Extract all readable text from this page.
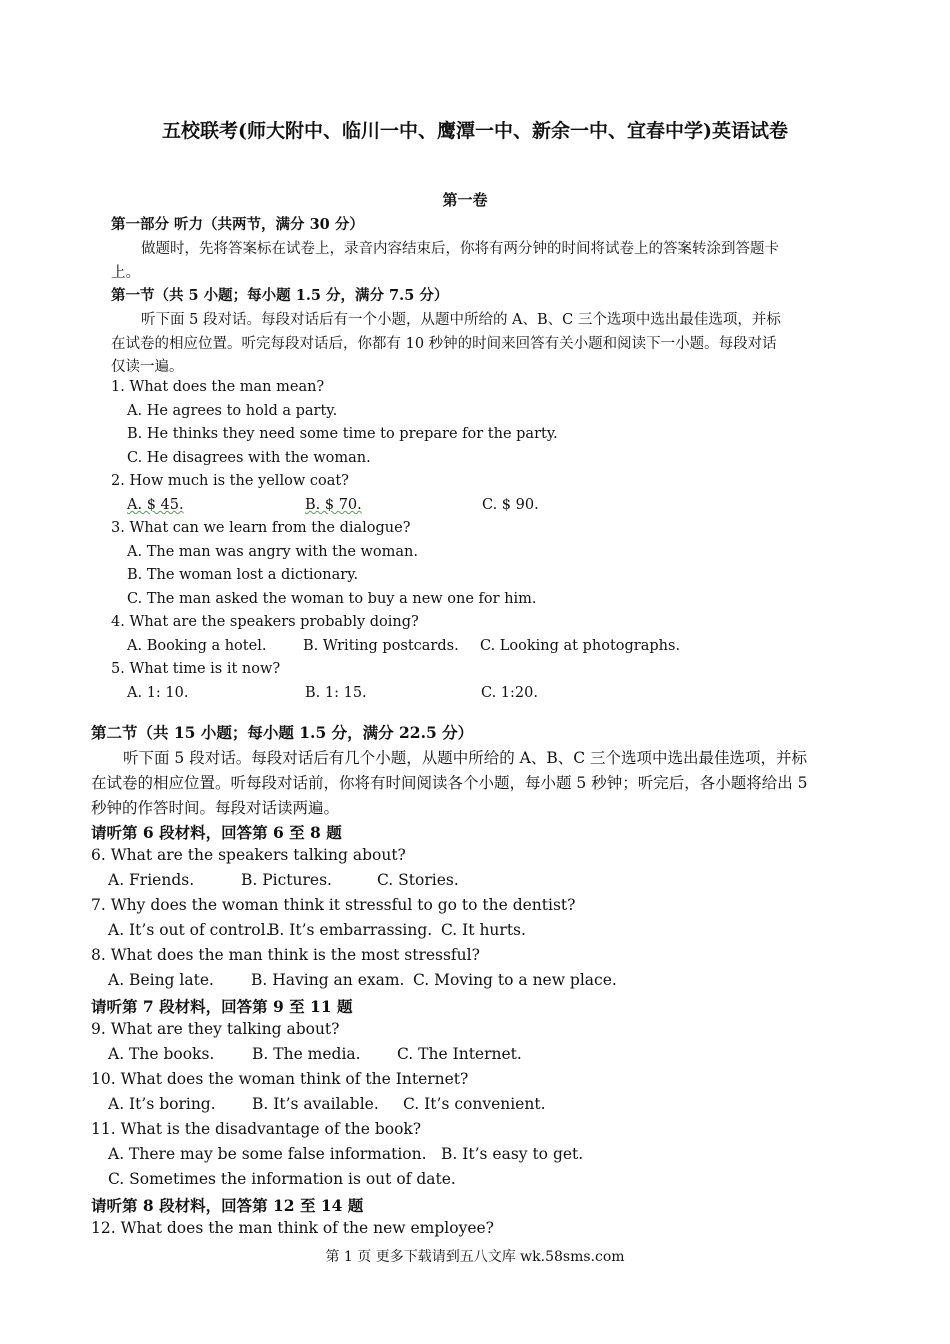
五校联考(师大附中、临川一中、鹰潭一中、新余一中、宜春中学)英语试卷
第一卷
第一部分 听力（共两节，满分 30 分）
做题时，先将答案标在试卷上，录音内容结束后，你将有两分钟的时间将试卷上的答案转涂到答题卡
上。
第一节（共 5 小题；每小题 1.5 分，满分 7.5 分）
听下面 5 段对话。每段对话后有一个小题，从题中所给的 A、B、C 三个选项中选出最佳选项，并标
在试卷的相应位置。听完每段对话后，你都有 10 秒钟的时间来回答有关小题和阅读下一小题。每段对话
仅读一遍。
1. What does the man mean?
A. He agrees to hold a party.
B. He thinks they need some time to prepare for the party.
C. He disagrees with the woman.
2. How much is the yellow coat?
A. $ 45.	B. $ 70.	C. $ 90.
3. What can we learn from the dialogue?
A. The man was angry with the woman.
B. The woman lost a dictionary.
C. The man asked the woman to buy a new one for him.
4. What are the speakers probably doing?
A. Booking a hotel.	B. Writing postcards. C. Looking at photographs.
5. What time is it now?
A. 1: 10.	B. 1: 15.	C. 1:20.
第二节（共 15 小题；每小题 1.5 分，满分 22.5 分）
听下面 5 段对话。每段对话后有几个小题，从题中所给的 A、B、C 三个选项中选出最佳选项，并标
在试卷的相应位置。听每段对话前，你将有时间阅读各个小题，每小题 5 秒钟；听完后，各小题将给出 5
秒钟的作答时间。每段对话读两遍。
请听第 6 段材料，回答第 6 至 8 题
6. What are the speakers talking about?
A. Friends.	B. Pictures.	C. Stories.
7. Why does the woman think it stressful to go to the dentist?
A. It’s out of control.
B. It’s embarrassing. C. It hurts.
8. What does the man think is the most stressful?
A. Being late. B. Having an exam. C. Moving to a new place.
请听第 7 段材料，回答第 9 至 11 题
9. What are they talking about?
A. The books. B. The media. C. The Internet.
10. What does the woman think of the Internet?
A. It’s boring. B. It’s available. C. It’s convenient.
11. What is the disadvantage of the book?
A. There may be some false information. B. It’s easy to get.
C. Sometimes the information is out of date.
请听第 8 段材料，回答第 12 至 14 题
12. What does the man think of the new employee?
第 1 页 更多下载请到五八文库 wk.58sms.com
